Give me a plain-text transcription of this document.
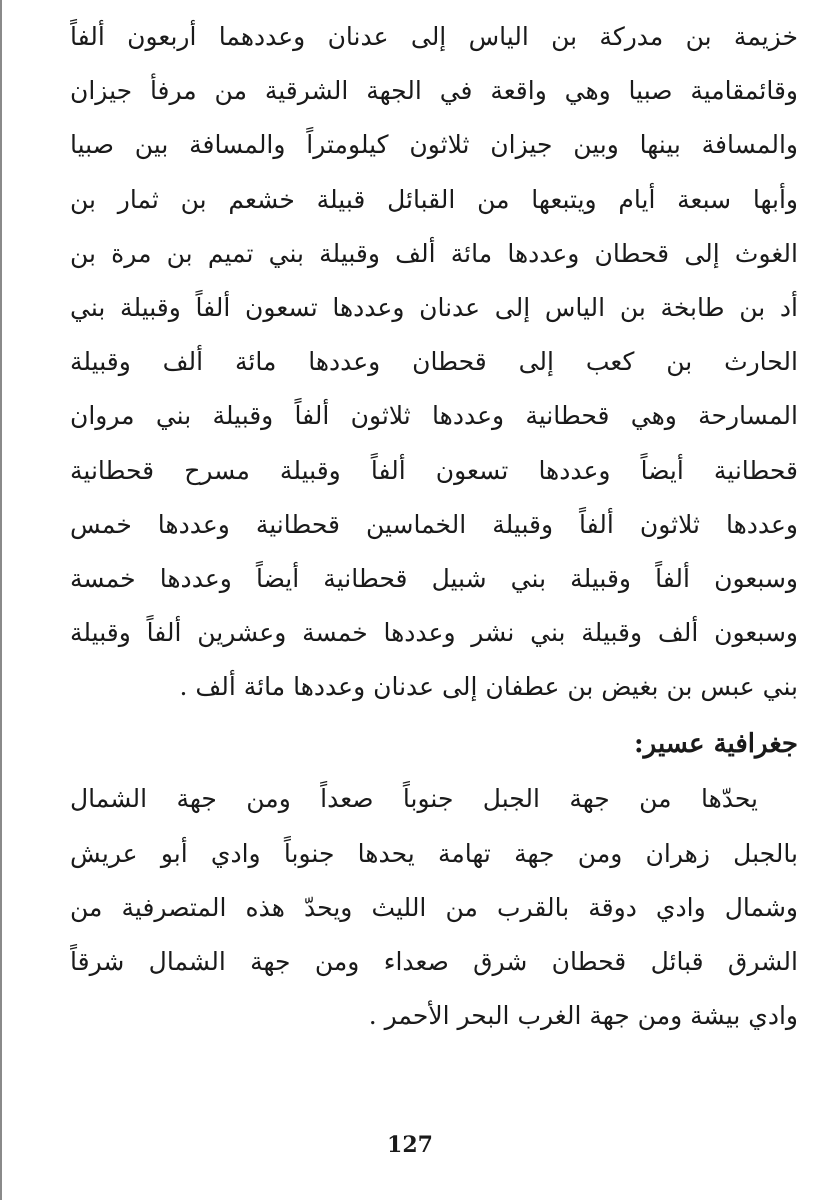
خزيمة بن مدركة بن الياس إلى عدنان وعددهما أربعون ألفاً
وقائمقامية صبيا وهي واقعة في الجهة الشرقية من مرفأ جيزان
والمسافة بينها وبين جيزان ثلاثون كيلومتراً والمسافة بين صبيا
وأبها سبعة أيام ويتبعها من القبائل قبيلة خشعم بن ثمار بن
الغوث إلى قحطان وعددها مائة ألف وقبيلة بني تميم بن مرة بن
أد بن طابخة بن الياس إلى عدنان وعددها تسعون ألفاً وقبيلة بني
الحارث بن كعب إلى قحطان وعددها مائة ألف وقبيلة
المسارحة وهي قحطانية وعددها ثلاثون ألفاً وقبيلة بني مروان
قحطانية أيضاً وعددها تسعون ألفاً وقبيلة مسرح قحطانية
وعددها ثلاثون ألفاً وقبيلة الخماسين قحطانية وعددها خمس
وسبعون ألفاً وقبيلة بني شبيل قحطانية أيضاً وعددها خمسة
وسبعون ألف وقبيلة بني نشر وعددها خمسة وعشرين ألفاً وقبيلة
بني عبس بن بغيض بن عطفان إلى عدنان وعددها مائة ألف .
جغرافية عسير:
يحدّها من جهة الجبل جنوباً صعداً ومن جهة الشمال
بالجبل زهران ومن جهة تهامة يحدها جنوباً وادي أبو عريش
وشمال وادي دوقة بالقرب من الليث ويحدّ هذه المتصرفية من
الشرق قبائل قحطان شرق صعداء ومن جهة الشمال شرقاً
وادي بيشة ومن جهة الغرب البحر الأحمر .
127
